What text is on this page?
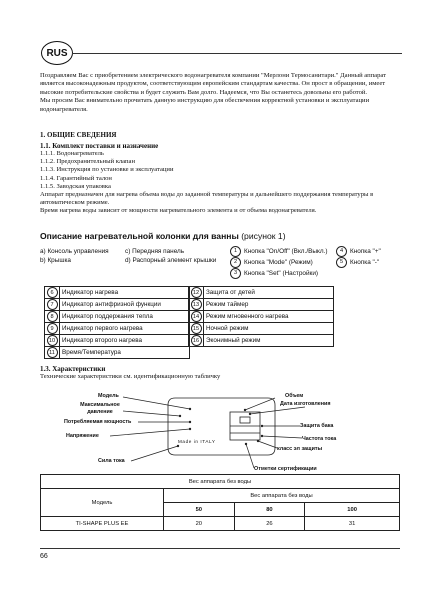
RUS

Поздравляем Вас с приобретением электрического водонагревателя компании "Мерлони Термосанитари." Данный аппарат является высоконадежным продуктом, соответствующим европейским стандартам качества. Он прост в обращении, имеет высокие потребительские свойства и будет служить Вам долго. Надеемся, что Вы останетесь довольны его работой.

Мы просим Вас внимательно прочитать данную инструкцию для обеспечения корректной установки и эксплуатации водонагревателя.

1. ОБЩИЕ СВЕДЕНИЯ
1.1. Комплект поставки и назначение
1.1.1. Водонагреватель
1.1.2. Предохранительный клапан
1.1.3. Инструкция по установке и эксплуатации
1.1.4. Гарантийный талон
1.1.5. Заводская упаковка
Аппарат предназначен для нагрева объема воды до заданной температуры и дальнейшего поддержания температуры в автоматическом режиме.
Время нагрева воды зависит от мощности нагревательного элемента и от объема водонагревателя.
Описание нагревательной колонки для ванны (рисунок 1)
a) Консоль управления
b) Крышка
c) Передняя панель
d) Распорный элемент крышки
1 Кнопка "On/Off" (Вкл./Выкл.)
2 Кнопка "Mode" (Режим)
3 Кнопка "Set" (Настройки)
4 Кнопка "+"
5 Кнопка "-"
6	Индикатор нагрева
7	Индикатор антифризной функции
8	Индикатор поддержания тепла
9	Индикатор первого нагрева
10	Индикатор второго нагрева
11	Время/Температура
12	Защита от детей
13	Режим таймер
14	Режим мгновенного нагрева
15	Ночной режим
16	Эконимный режим
1.3. Характеристики
Технические характеристики см. идентификационную табличку
Made in ITALY
Модель
Максимальное давление
Потребляемая мощность
Напряжение
Сила тока
Объем
Дата изготовления
Защита бака
Частота тока
класс эл защиты
Отметки сертификации
Вес аппарата без воды			
Модель	Вес аппарата без воды		
	50	80	100
TI-SHAPE PLUS EE	20	26	31
66
